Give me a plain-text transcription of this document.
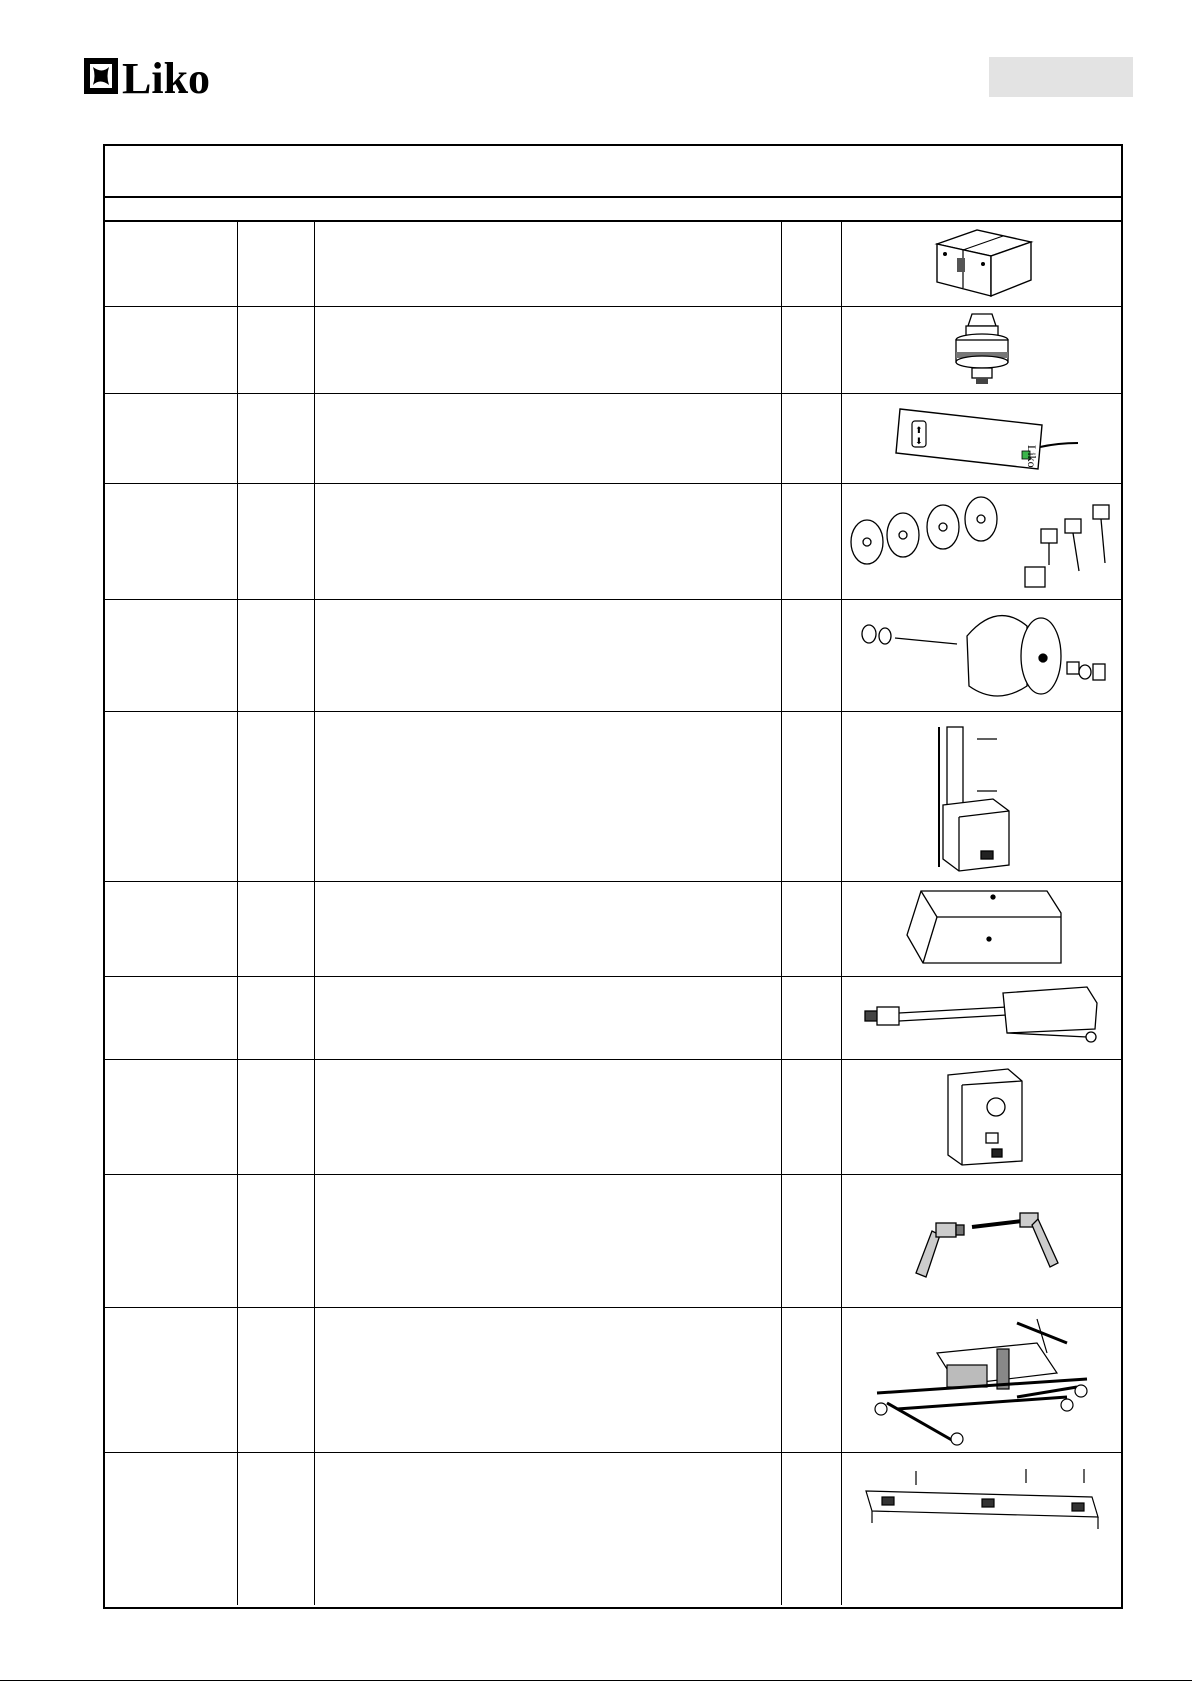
Liko
⬆
⬇
Liko
